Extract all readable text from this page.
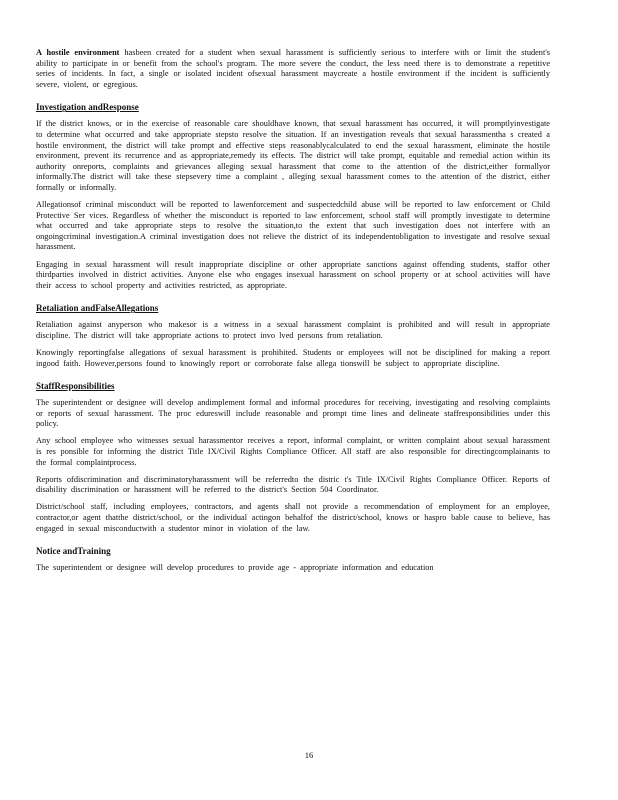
A hostile environment hasbeen created for a student when sexual harassment is sufficiently serious to interfere with or limit the student's ability to participate in or benefit from the school's program. The more severe the conduct, the less need there is to demonstrate a repetitive series of incidents. In fact, a single or isolated incident ofsexual harassment maycreate a hostile environment if the incident is sufficiently severe, violent, or egregious.

Investigation andResponse

If the district knows, or in the exercise of reasonable care shouldhave known, that sexual harassment has occurred, it will promptlyinvestigate to determine what occurred and take appropriate stepsto resolve the situation. If an investigation reveals that sexual harassmentha s created a hostile environment, the district will take prompt and effective steps reasonablycalculated to end the sexual harassment, eliminate the hostile environment, prevent its recurrence and as appropriate,remedy its effects. The district will take prompt, equitable and remedial action within its authority onreports, complaints and grievances alleging sexual harassment that come to the attention of the district,either formallyor informally.The district will take these stepsevery time a complaint , alleging sexual harassment comes to the attention of the district, either formally or informally.

Allegationsof criminal misconduct will be reported to lawenforcement and suspectedchild abuse will be reported to law enforcement or Child Protective Ser vices. Regardless of whether the misconduct is reported to law enforcement, school staff will promptly investigate to determine what occurred and take appropriate steps to resolve the situation,to the extent that such investigation does not interfere with an ongoingcriminal investigation.A criminal investigation does not relieve the district of its independentobligation to investigate and resolve sexual harassment.

Engaging in sexual harassment will result inappropriate discipline or other appropriate sanctions against offending students, staffor other thirdparties involved in district activities. Anyone else who engages insexual harassment on school property or at school activities will have their access to school property and activities restricted, as appropriate.

Retaliation andFalseAllegations

Retaliation against anyperson who makesor is a witness in a sexual harassment complaint is prohibited and will result in appropriate discipline. The district will take appropriate actions to protect invo lved persons from retaliation.

Knowingly reportingfalse allegations of sexual harassment is prohibited. Students or employees will not be disciplined for making a report ingood faith. However,persons found to knowingly report or corroborate false allega tionswill be subject to appropriate discipline.

StaffResponsibilities

The superintendent or designee will develop andimplement formal and informal procedures for receiving, investigating and resolving complaints or reports of sexual harassment. The proc edureswill include reasonable and prompt time lines and delineate staffresponsibilities under this policy.

Any school employee who witnesses sexual harassmentor receives a report, informal complaint, or written complaint about sexual harassment is res ponsible for informing the district Title IX/Civil Rights Compliance Officer. All staff are also responsible for directingcomplainants to the formal complaintprocess.

Reports ofdiscrimination and discriminatoryharassment will be referredto the distric t's Title IX/Civil Rights Compliance Officer. Reports of disability discrimination or harassment will be referred to the district's Section 504 Coordinator.

District/school staff, including employees, contractors, and agents shall not provide a recommendation of employment for an employee, contractor,or agent thatthe district/school, or the individual actingon behalfof the district/school, knows or haspro bable cause to believe, has engaged in sexual misconductwith a studentor minor in violation of the law.

Notice andTraining

The superintendent or designee will develop procedures to provide age - appropriate information and education

16
